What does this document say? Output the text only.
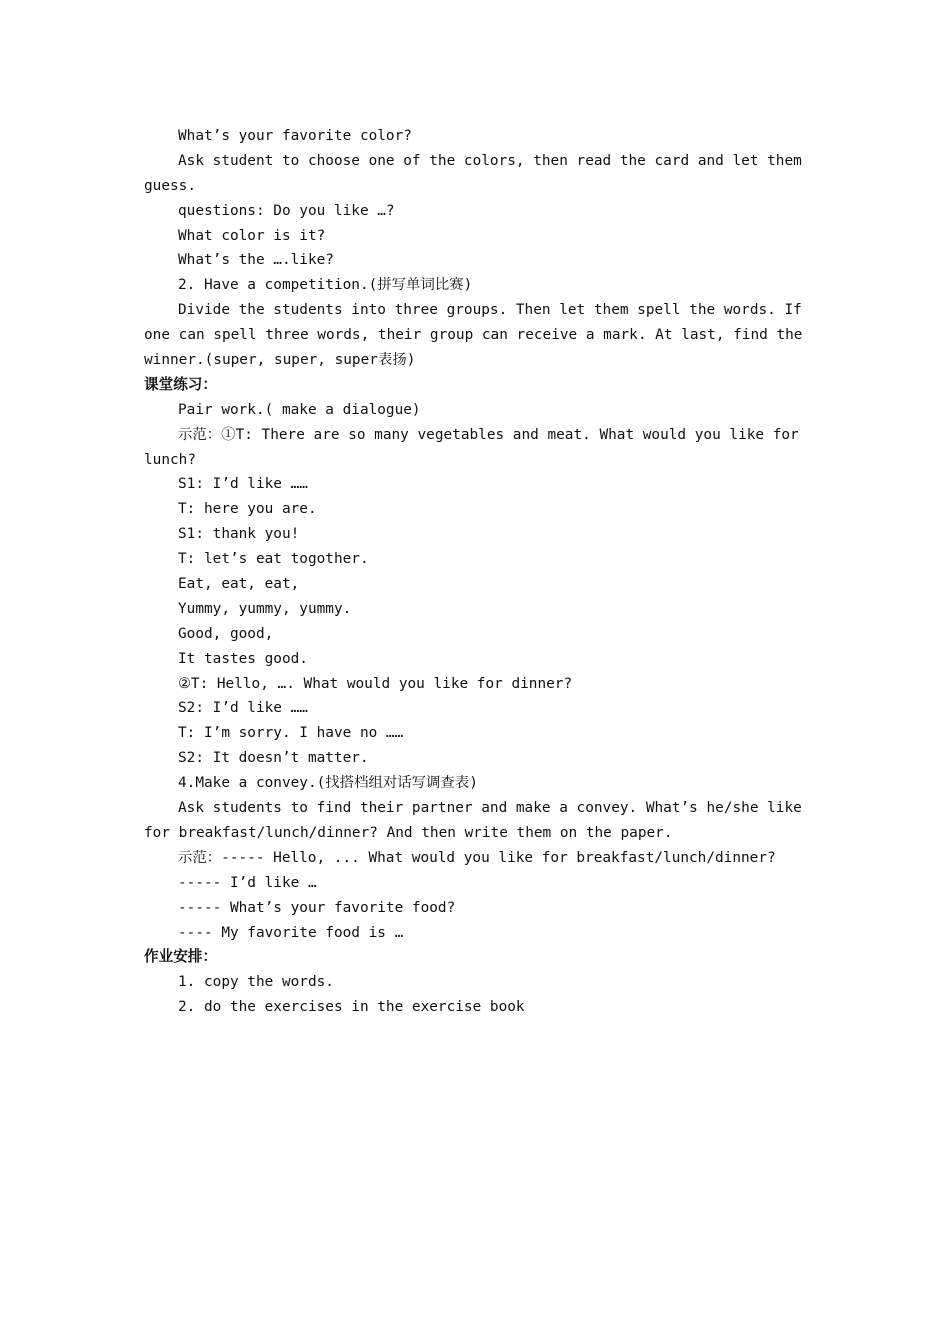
What’s your favorite color?
Ask student to choose one of the colors, then read the card and let them
guess.
questions: Do you like …?
What color is it?
What’s the ….like?
2. Have a competition.(拼写单词比赛)
Divide the students into three groups. Then let them spell the words. If
one can spell three words, their group can receive a mark. At last, find the
winner.(super, super, super表扬)
课堂练习：
Pair work.( make a dialogue)
示范：①T: There are so many vegetables and meat. What would you like for
lunch?
S1: I’d like ……
T: here you are.
S1: thank you!
T: let’s eat togother.
Eat, eat, eat,
Yummy, yummy, yummy.
Good, good,
It tastes good.
②T: Hello, …. What would you like for dinner?
S2: I’d like ……
T: I’m sorry. I have no ……
S2: It doesn’t matter.
4.Make a convey.(找搭档组对话写调查表)
Ask students to find their partner and make a convey. What’s he/she like
for breakfast/lunch/dinner? And then write them on the paper.
示范：----- Hello, ... What would you like for breakfast/lunch/dinner?
----- I’d like …
----- What’s your favorite food?
---- My favorite food is …
作业安排：
1. copy the words.
2. do the exercises in the exercise book
